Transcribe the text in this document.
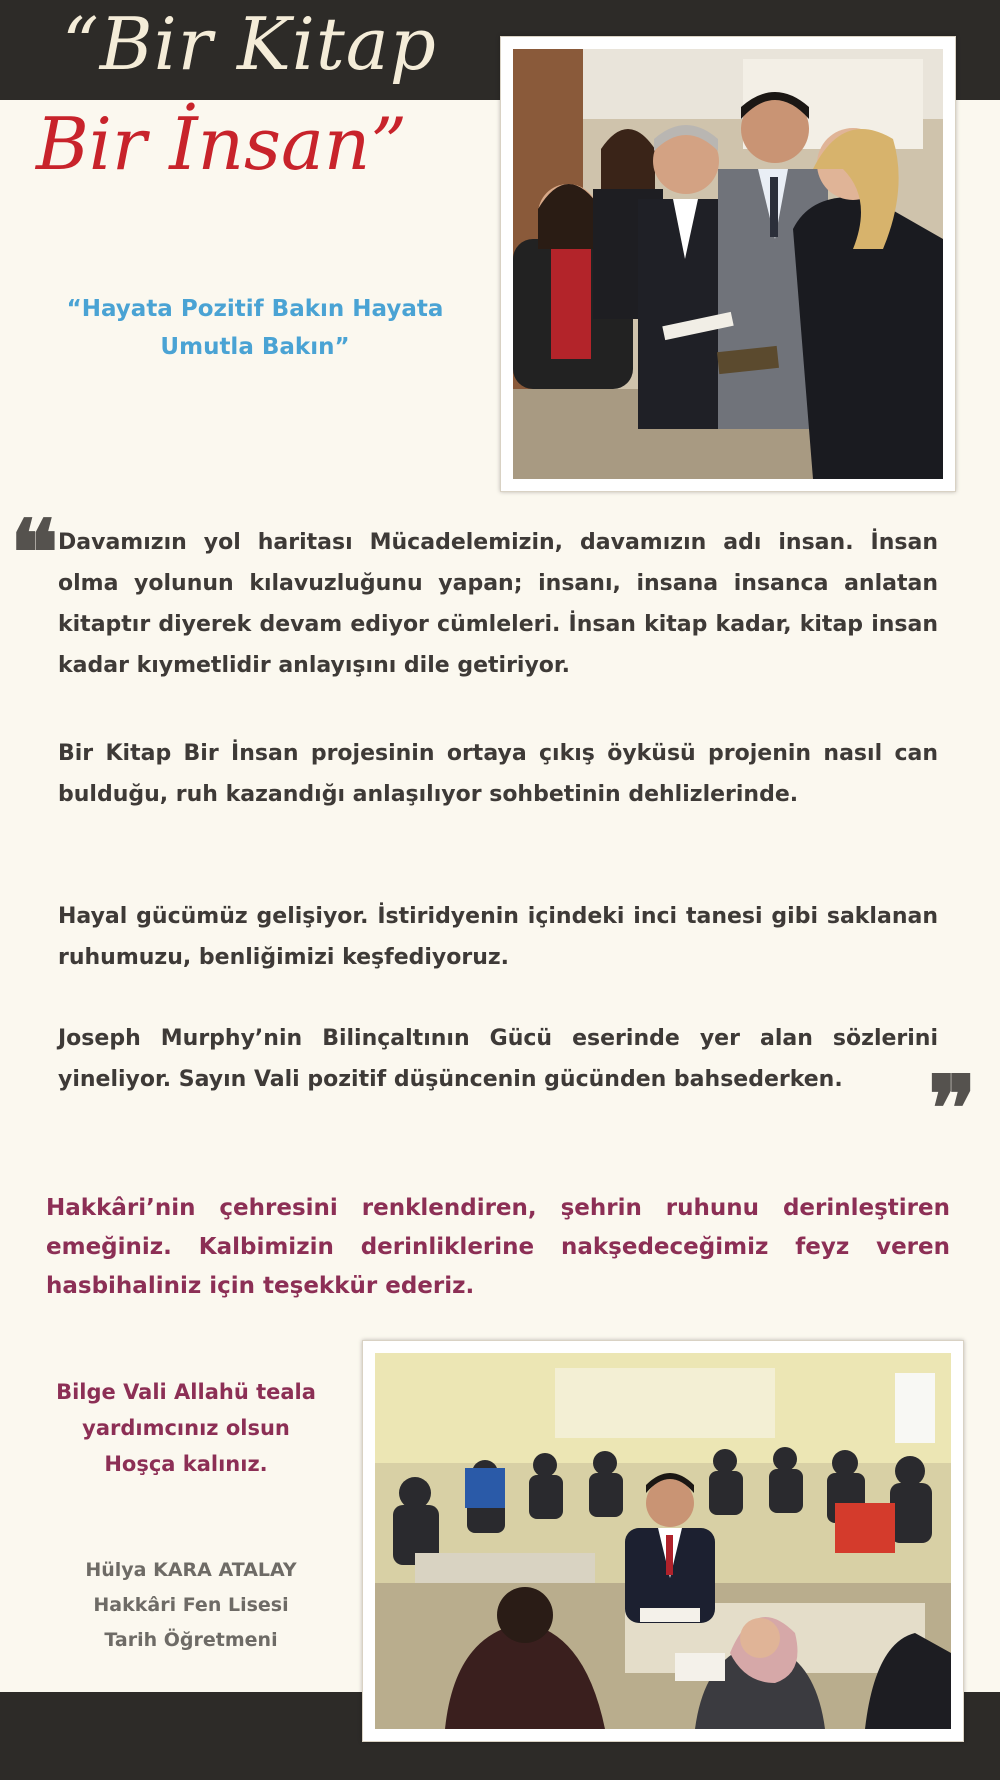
“Bir Kitap
Bir İnsan”
“Hayata Pozitif Bakın Hayata Umutla Bakın”
❝ Davamızın yol haritası Mücadelemizin, davamızın adı insan. İnsan olma yolunun kılavuzluğunu yapan; insanı, insana insanca anlatan kitaptır diyerek devam ediyor cümleleri. İnsan kitap kadar, kitap insan kadar kıymetlidir anlayışını dile getiriyor.
Bir Kitap Bir İnsan projesinin ortaya çıkış öyküsü projenin nasıl can bulduğu, ruh kazandığı anlaşılıyor sohbetinin dehlizlerinde.
Hayal gücümüz gelişiyor. İstiridyenin içindeki inci tanesi gibi saklanan ruhumuzu, benliğimizi keşfediyoruz.
Joseph Murphy’nin Bilinçaltının Gücü eserinde yer alan sözlerini yineliyor. Sayın Vali pozitif düşüncenin gücünden bahsederken. ❞
Hakkâri’nin çehresini renklendiren, şehrin ruhunu derinleştiren emeğiniz. Kalbimizin derinliklerine nakşedeceğimiz feyz veren hasbihaliniz için teşekkür ederiz.
Bilge Vali Allahü teala
yardımcınız olsun
Hoşça kalınız.
Hülya KARA ATALAY
Hakkâri Fen Lisesi
Tarih Öğretmeni
